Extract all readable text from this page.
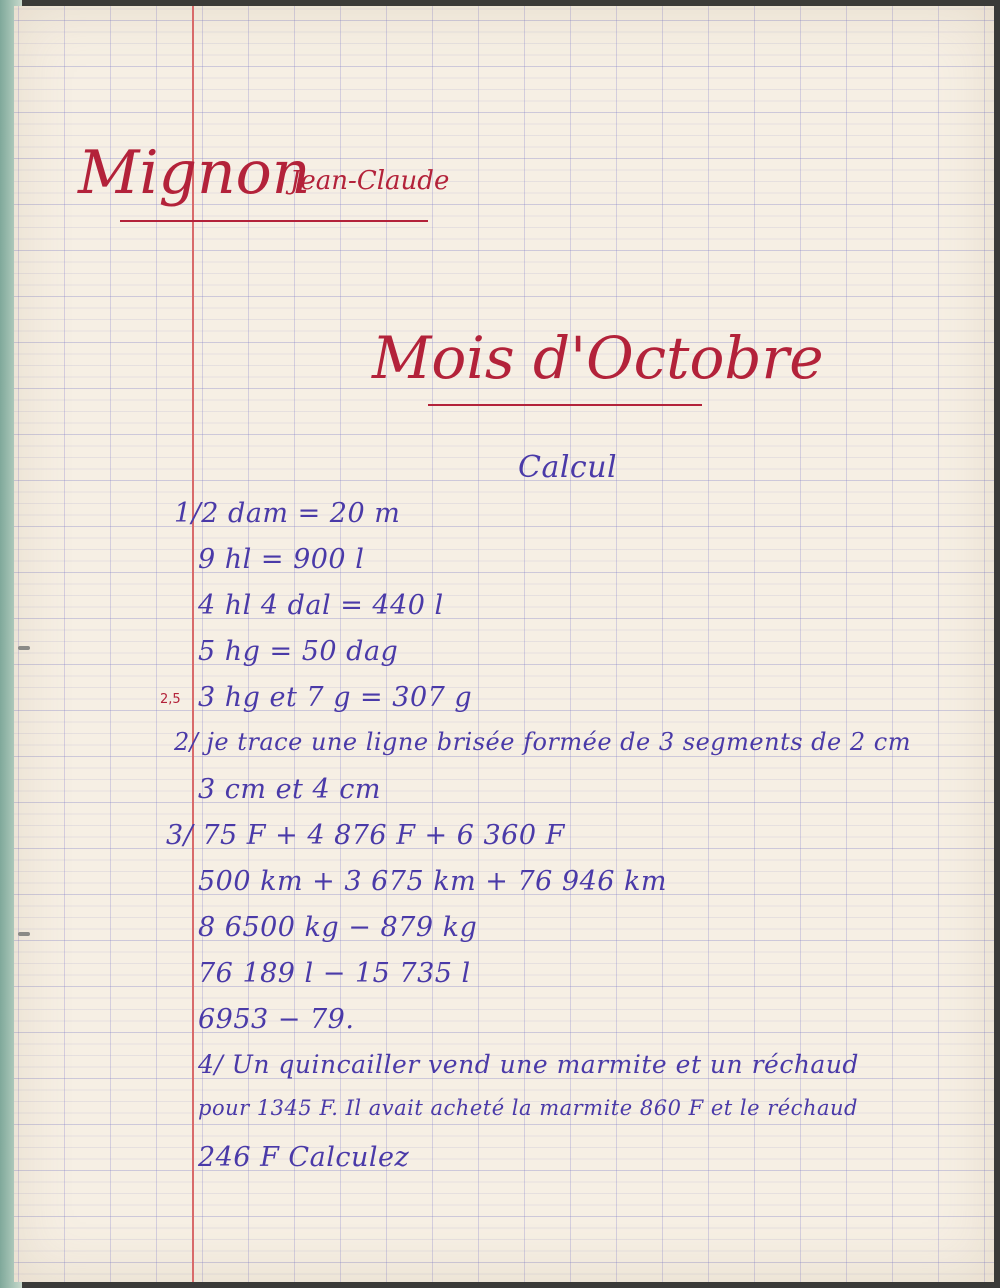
Mignon
Jean-Claude
Mois d'Octobre
Calcul
2,5
1/2 dam = 20 m
9 hl = 900 l
4 hl 4 dal = 440 l
5 hg = 50 dag
3 hg et 7 g = 307 g
2/ je trace une ligne brisée formée de 3 segments de 2 cm
3 cm et 4 cm
3/ 75 F + 4 876 F + 6 360 F
500 km + 3 675 km + 76 946 km
8 6500 kg − 879 kg
76 189 l − 15 735 l
6953 − 79.
4/ Un quincailler vend une marmite et un réchaud
pour 1345 F. Il avait acheté la marmite 860 F et le réchaud
246 F Calculez
